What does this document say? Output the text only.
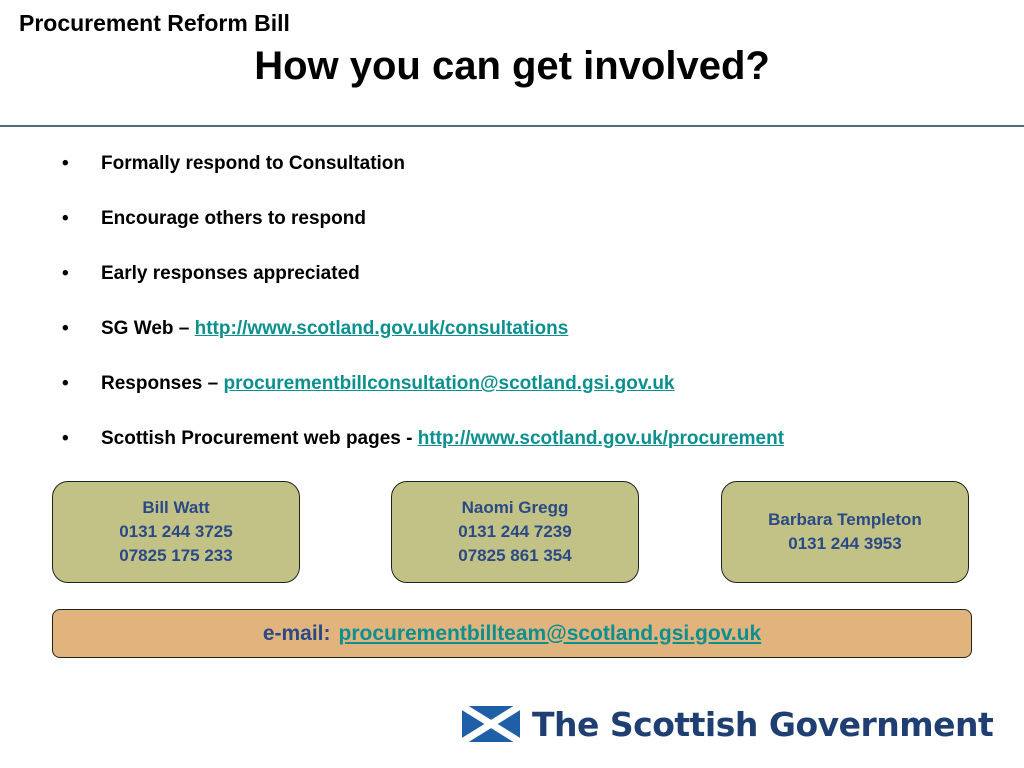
Procurement Reform Bill
How you can get involved?
• Formally respond to Consultation
• Encourage others to respond
• Early responses appreciated
• SG Web – http://www.scotland.gov.uk/consultations
• Responses – procurementbillconsultation@scotland.gsi.gov.uk
• Scottish Procurement web pages - http://www.scotland.gov.uk/procurement
Bill Watt
0131 244 3725
07825 175 233
Naomi Gregg
0131 244 7239
07825 861 354
Barbara Templeton
0131 244 3953
e-mail: procurementbillteam@scotland.gsi.gov.uk
The Scottish Government
